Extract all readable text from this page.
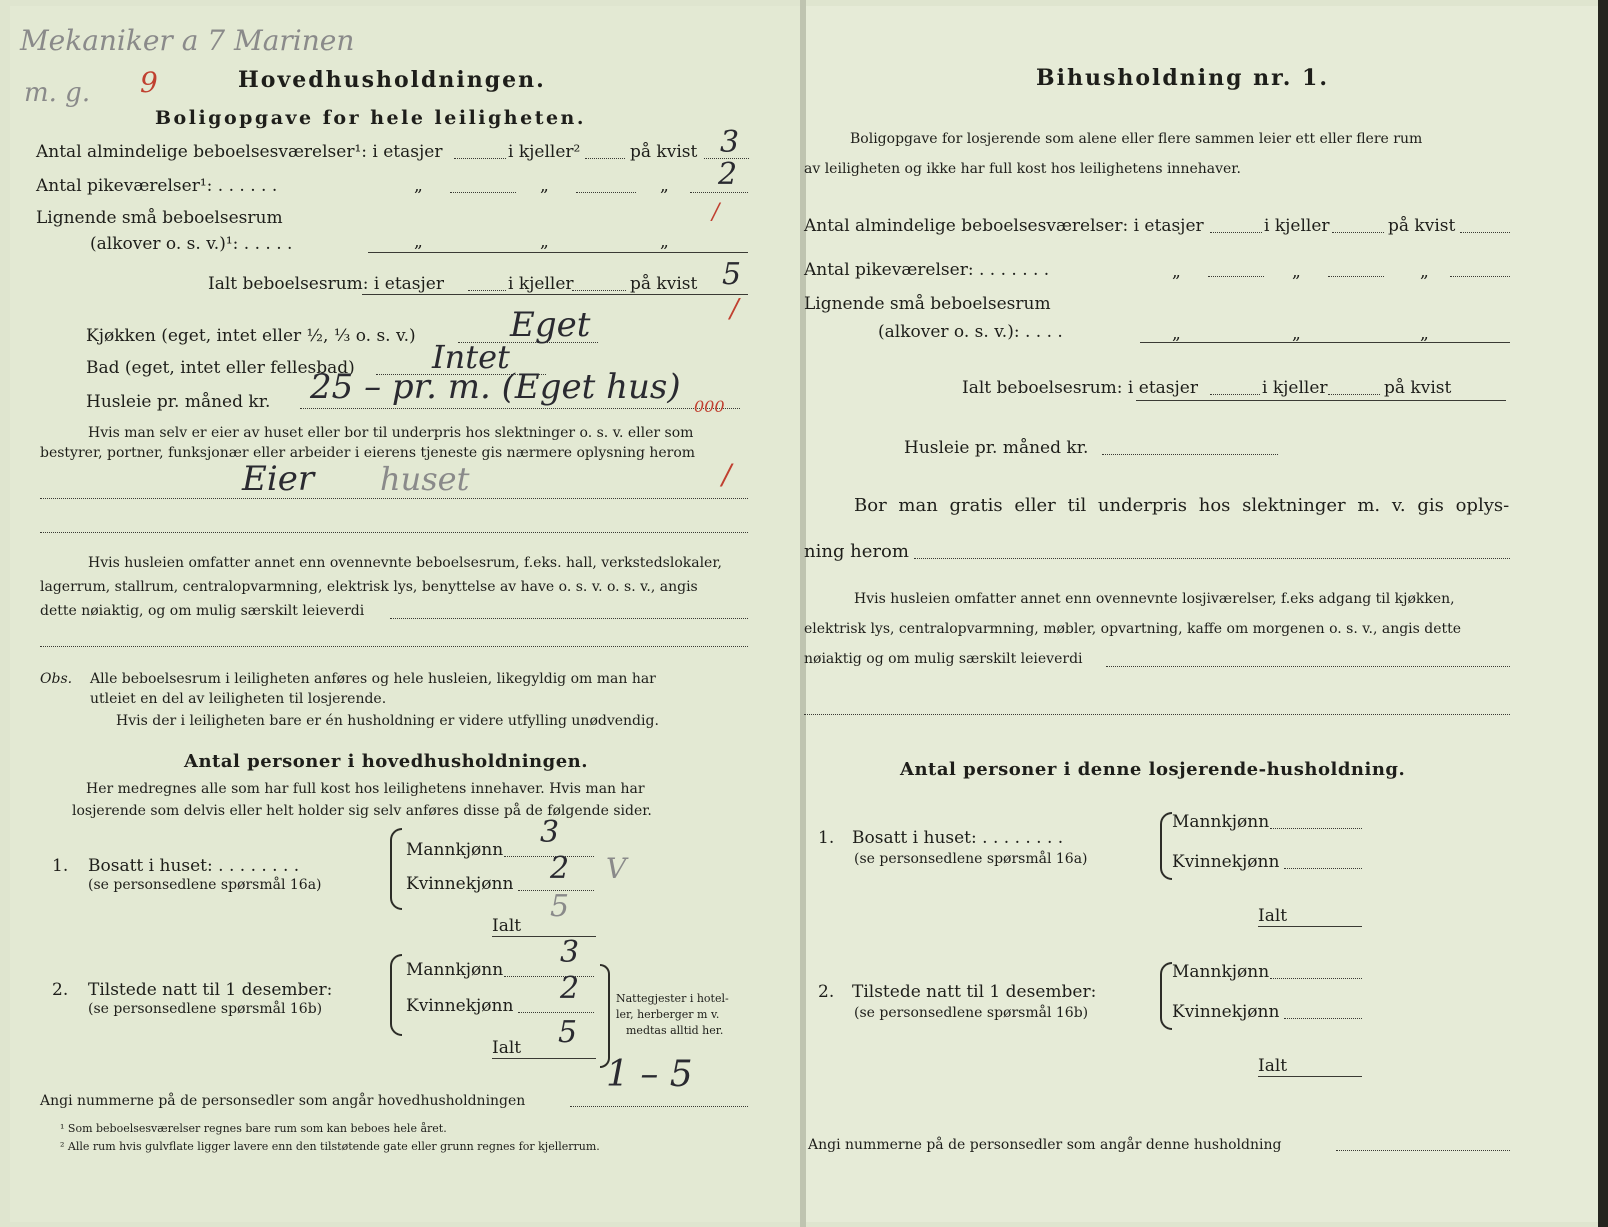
Mekaniker a 7 Marinen
m. g. 9	Hovedhusholdningen.
Boligopgave for hele leiligheten.
Antal almindelige beboelsesværelser¹: i etasjer	i kjeller²	på kvist 3
Antal pikeværelser¹: . . . . . .	„	„	„ 2
/
Lignende små beboelsesrum
(alkover o. s. v.)¹: . . . . .	„	„	„
Ialt beboelsesrum: i etasjer	i kjeller	på kvist 5
/
Kjøkken (eget, intet eller ½, ⅓ o. s. v.)	Eget
Bad (eget, intet eller fellesbad) Intet
Husleie pr. måned kr. 25 – pr. m. (Eget hus) 000
Hvis man selv er eier av huset eller bor til underpris hos slektninger o. s. v. eller som
bestyrer, portner, funksjonær eller arbeider i eierens tjeneste gis nærmere oplysning herom
Eier huset	/
Hvis husleien omfatter annet enn ovennevnte beboelsesrum, f.eks. hall, verkstedslokaler,
lagerrum, stallrum, centralopvarmning, elektrisk lys, benyttelse av have o. s. v. o. s. v., angis
dette nøiaktig, og om mulig særskilt leieverdi
Obs. Alle beboelsesrum i leiligheten anføres og hele husleien, likegyldig om man har
utleiet en del av leiligheten til losjerende.
Hvis der i leiligheten bare er én husholdning er videre utfylling unødvendig.
Antal personer i hovedhusholdningen.
Her medregnes alle som har full kost hos leilighetens innehaver. Hvis man har
losjerende som delvis eller helt holder sig selv anføres disse på de følgende sider.
1. Bosatt i huset: . . . . . . . .
(se personsedlene spørsmål 16a)
Mannkjønn 3
Kvinnekjønn 2 V
Ialt
5
2. Tilstede natt til 1 desember:
(se personsedlene spørsmål 16b)
Mannkjønn 3
Kvinnekjønn 2
Ialt 5
Nattegjester i hotel-
ler, herberger m v.
medtas alltid her.
1 – 5
Angi nummerne på de personsedler som angår hovedhusholdningen
¹ Som beboelsesværelser regnes bare rum som kan beboes hele året.
² Alle rum hvis gulvflate ligger lavere enn den tilstøtende gate eller grunn regnes for kjellerrum.
Bihusholdning nr. 1.
Boligopgave for losjerende som alene eller flere sammen leier ett eller flere rum
av leiligheten og ikke har full kost hos leilighetens innehaver.
Antal almindelige beboelsesværelser: i etasjer	i kjeller	på kvist
Antal pikeværelser: . . . . . . .	„	„	„
Lignende små beboelsesrum
(alkover o. s. v.): . . . .	„	„	„
Ialt beboelsesrum: i etasjer	i kjeller	på kvist
Husleie pr. måned kr.
Bor man gratis eller til underpris hos slektninger m. v. gis oplys-
ning herom
Hvis husleien omfatter annet enn ovennevnte losjiværelser, f.eks adgang til kjøkken,
elektrisk lys, centralopvarmning, møbler, opvartning, kaffe om morgenen o. s. v., angis dette
nøiaktig og om mulig særskilt leieverdi
Antal personer i denne losjerende-husholdning.
1. Bosatt i huset: . . . . . . . .
(se personsedlene spørsmål 16a)
Mannkjønn
Kvinnekjønn
Ialt
2. Tilstede natt til 1 desember:
(se personsedlene spørsmål 16b)
Mannkjønn
Kvinnekjønn
Ialt
Angi nummerne på de personsedler som angår denne husholdning
